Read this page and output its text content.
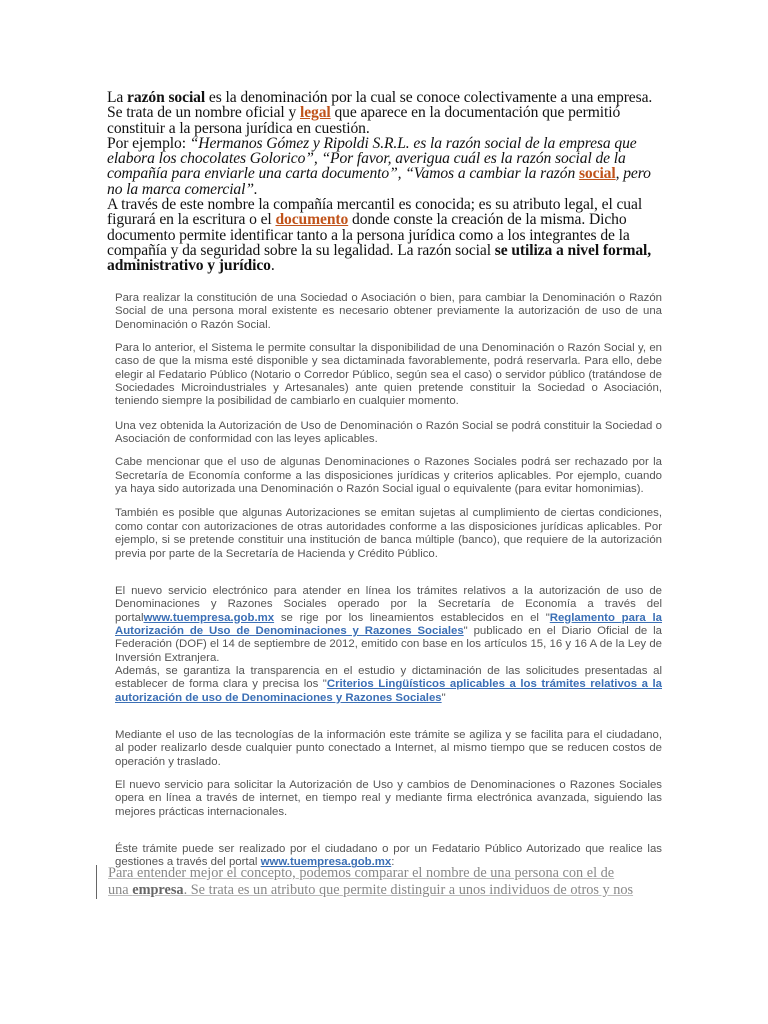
La razón social es la denominación por la cual se conoce colectivamente a una empresa. Se trata de un nombre oficial y legal que aparece en la documentación que permitió constituir a la persona jurídica en cuestión.

Por ejemplo: “Hermanos Gómez y Ripoldi S.R.L. es la razón social de la empresa que elabora los chocolates Golorico”, “Por favor, averigua cuál es la razón social de la compañía para enviarle una carta documento”, “Vamos a cambiar la razón social, pero no la marca comercial”.

A través de este nombre la compañía mercantil es conocida; es su atributo legal, el cual figurará en la escritura o el documento donde conste la creación de la misma. Dicho documento permite identificar tanto a la persona jurídica como a los integrantes de la compañía y da seguridad sobre la su legalidad. La razón social se utiliza a nivel formal, administrativo y jurídico.

Para realizar la constitución de una Sociedad o Asociación o bien, para cambiar la Denominación o Razón Social de una persona moral existente es necesario obtener previamente la autorización de uso de una Denominación o Razón Social.

Para lo anterior, el Sistema le permite consultar la disponibilidad de una Denominación o Razón Social y, en caso de que la misma esté disponible y sea dictaminada favorablemente, podrá reservarla. Para ello, debe elegir al Fedatario Público (Notario o Corredor Público, según sea el caso) o servidor público (tratándose de Sociedades Microindustriales y Artesanales) ante quien pretende constituir la Sociedad o Asociación, teniendo siempre la posibilidad de cambiarlo en cualquier momento.

Una vez obtenida la Autorización de Uso de Denominación o Razón Social se podrá constituir la Sociedad o Asociación de conformidad con las leyes aplicables.

Cabe mencionar que el uso de algunas Denominaciones o Razones Sociales podrá ser rechazado por la Secretaría de Economía conforme a las disposiciones jurídicas y criterios aplicables. Por ejemplo, cuando ya haya sido autorizada una Denominación o Razón Social igual o equivalente (para evitar homonimias).

También es posible que algunas Autorizaciones se emitan sujetas al cumplimiento de ciertas condiciones, como contar con autorizaciones de otras autoridades conforme a las disposiciones jurídicas aplicables. Por ejemplo, si se pretende constituir una institución de banca múltiple (banco), que requiere de la autorización previa por parte de la Secretaría de Hacienda y Crédito Público.

El nuevo servicio electrónico para atender en línea los trámites relativos a la autorización de uso de Denominaciones y Razones Sociales operado por la Secretaría de Economía a través del portalwww.tuempresa.gob.mx se rige por los lineamientos establecidos en el "Reglamento para la Autorización de Uso de Denominaciones y Razones Sociales" publicado en el Diario Oficial de la Federación (DOF) el 14 de septiembre de 2012, emitido con base en los artículos 15, 16 y 16 A de la Ley de Inversión Extranjera.

Además, se garantiza la transparencia en el estudio y dictaminación de las solicitudes presentadas al establecer de forma clara y precisa los "Criterios Lingüísticos aplicables a los trámites relativos a la autorización de uso de Denominaciones y Razones Sociales"

Mediante el uso de las tecnologías de la información este trámite se agiliza y se facilita para el ciudadano, al poder realizarlo desde cualquier punto conectado a Internet, al mismo tiempo que se reducen costos de operación y traslado.

El nuevo servicio para solicitar la Autorización de Uso y cambios de Denominaciones o Razones Sociales opera en línea a través de internet, en tiempo real y mediante firma electrónica avanzada, siguiendo las mejores prácticas internacionales.

Éste trámite puede ser realizado por el ciudadano o por un Fedatario Público Autorizado que realice las gestiones a través del portal www.tuempresa.gob.mx:

Para entender mejor el concepto, podemos comparar el nombre de una persona con el de
una empresa. Se trata es un atributo que permite distinguir a unos individuos de otros y nos
